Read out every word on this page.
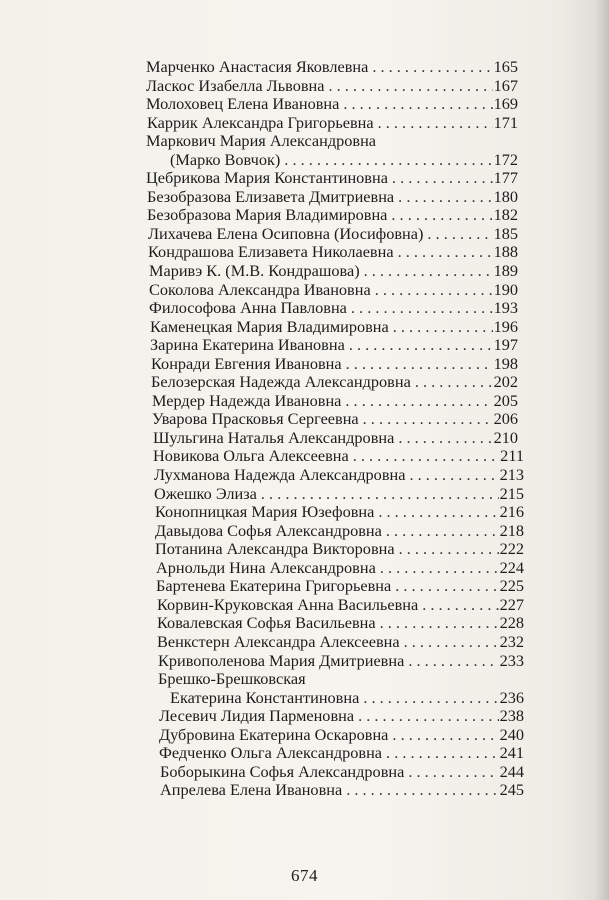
Марченко Анастасия Яковлевна . . .	165
Ласкос Изабелла Львовна . . .	167
Молоховец Елена Ивановна . . .	169
Каррик Александра Григорьевна . . .	171
Маркович Мария Александровна
(Марко Вовчок) . . .	172
Цебрикова Мария Константиновна . . .	177
Безобразова Елизавета Дмитриевна . . .	180
Безобразова Мария Владимировна . . .	182
Лихачева Елена Осиповна (Иосифовна) . . .	185
Кондрашова Елизавета Николаевна . . .	188
Маривэ К. (М.В. Кондрашова) . . .	189
Соколова Александра Ивановна . . .	190
Философова Анна Павловна . . .	193
Каменецкая Мария Владимировна . . .	196
Зарина Екатерина Ивановна . . .	197
Конради Евгения Ивановна . . .	198
Белозерская Надежда Александровна . . .	202
Мердер Надежда Ивановна . . .	205
Уварова Прасковья Сергеевна . . .	206
Шульгина Наталья Александровна . . .	210
Новикова Ольга Алексеевна . . .	211
Лухманова Надежда Александровна . . .	213
Ожешко Элиза . . .	215
Конопницкая Мария Юзефовна . . .	216
Давыдова Софья Александровна . . .	218
Потанина Александра Викторовна . . .	222
Арнольди Нина Александровна . . .	224
Бартенева Екатерина Григорьевна . . .	225
Корвин-Круковская Анна Васильевна . . .	227
Ковалевская Софья Васильевна . . .	228
Венкстерн Александра Алексеевна . . .	232
Кривополенова Мария Дмитриевна . . .	233
Брешко-Брешковская
Екатерина Константиновна . . .	236
Лесевич Лидия Парменовна . . .	238
Дубровина Екатерина Оскаровна . . .	240
Федченко Ольга Александровна . . .	241
Боборыкина Софья Александровна . . .	244
Апрелева Елена Ивановна . . .	245
674
